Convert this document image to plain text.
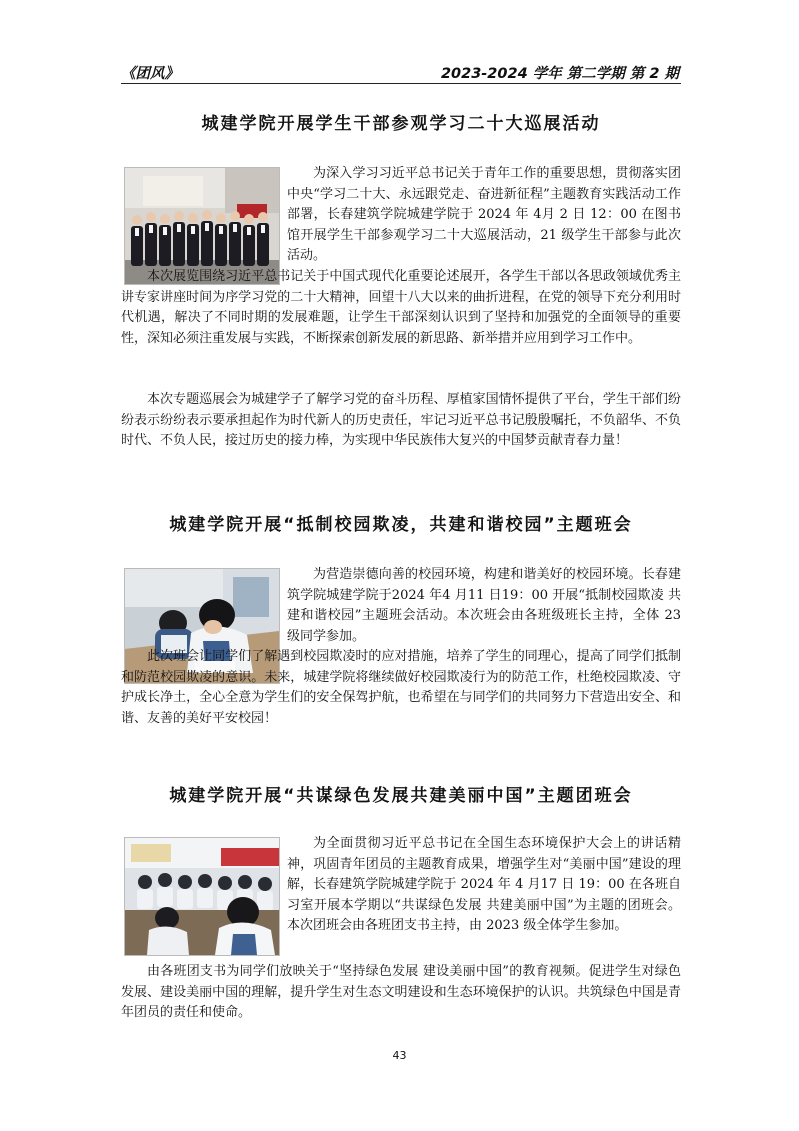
《团风》	2023-2024 学年 第二学期 第 2 期
城建学院开展学生干部参观学习二十大巡展活动

为深入学习习近平总书记关于青年工作的重要思想，贯彻落实团中央“学习二十大、永远跟党走、奋进新征程”主题教育实践活动工作部署，长春建筑学院城建学院于 2024 年 4月 2 日 12：00 在图书馆开展学生干部参观学习二十大巡展活动，21 级学生干部参与此次活动。

本次展览围绕习近平总书记关于中国式现代化重要论述展开，各学生干部以各思政领域优秀主讲专家讲座时间为序学习党的二十大精神，回望十八大以来的曲折进程，在党的领导下充分利用时代机遇，解决了不同时期的发展难题，让学生干部深刻认识到了坚持和加强党的全面领导的重要性，深知必须注重发展与实践，不断探索创新发展的新思路、新举措并应用到学习工作中。

本次专题巡展会为城建学子了解学习党的奋斗历程、厚植家国情怀提供了平台，学生干部们纷纷表示纷纷表示要承担起作为时代新人的历史责任，牢记习近平总书记殷殷嘱托，不负韶华、不负时代、不负人民，接过历史的接力棒，为实现中华民族伟大复兴的中国梦贡献青春力量！

城建学院开展“抵制校园欺凌，共建和谐校园”主题班会

为营造崇德向善的校园环境，构建和谐美好的校园环境。长春建筑学院城建学院于2024 年4 月11 日19：00 开展“抵制校园欺凌 共建和谐校园”主题班会活动。本次班会由各班级班长主持，全体 23 级同学参加。

此次班会让同学们了解遇到校园欺凌时的应对措施，培养了学生的同理心，提高了同学们抵制和防范校园欺凌的意识。未来，城建学院将继续做好校园欺凌行为的防范工作，杜绝校园欺凌、守护成长净土，全心全意为学生们的安全保驾护航，也希望在与同学们的共同努力下营造出安全、和谐、友善的美好平安校园！

城建学院开展“共谋绿色发展共建美丽中国”主题团班会

为全面贯彻习近平总书记在全国生态环境保护大会上的讲话精神，巩固青年团员的主题教育成果，增强学生对“美丽中国”建设的理解，长春建筑学院城建学院于 2024 年 4 月17 日 19：00 在各班自习室开展本学期以“共谋绿色发展 共建美丽中国”为主题的团班会。本次团班会由各班团支书主持，由 2023 级全体学生参加。

由各班团支书为同学们放映关于“坚持绿色发展 建设美丽中国”的教育视频。促进学生对绿色发展、建设美丽中国的理解，提升学生对生态文明建设和生态环境保护的认识。共筑绿色中国是青年团员的责任和使命。

43
